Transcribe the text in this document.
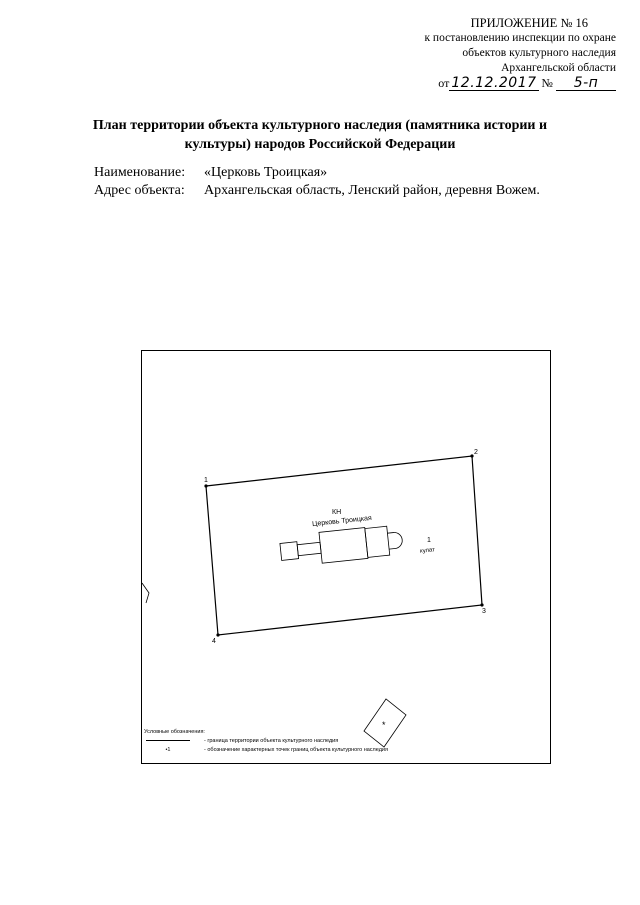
ПРИЛОЖЕНИЕ № 16
к постановлению инспекции по охране
объектов культурного наследия
Архангельской области
от 12.12.2017 № 5-п
План территории объекта культурного наследия (памятника истории и культуры) народов Российской Федерации
Наименование:	«Церковь Троицкая»
Адрес объекта:	Архангельская область, Ленский район, деревня Вожем.
1
2
3
4
КН
Церковь Троицкая
1
кулат
*
Условные обозначения:
- граница территории объекта культурного наследия
•1	- обозначение характерных точек границ объекта культурного наследия
